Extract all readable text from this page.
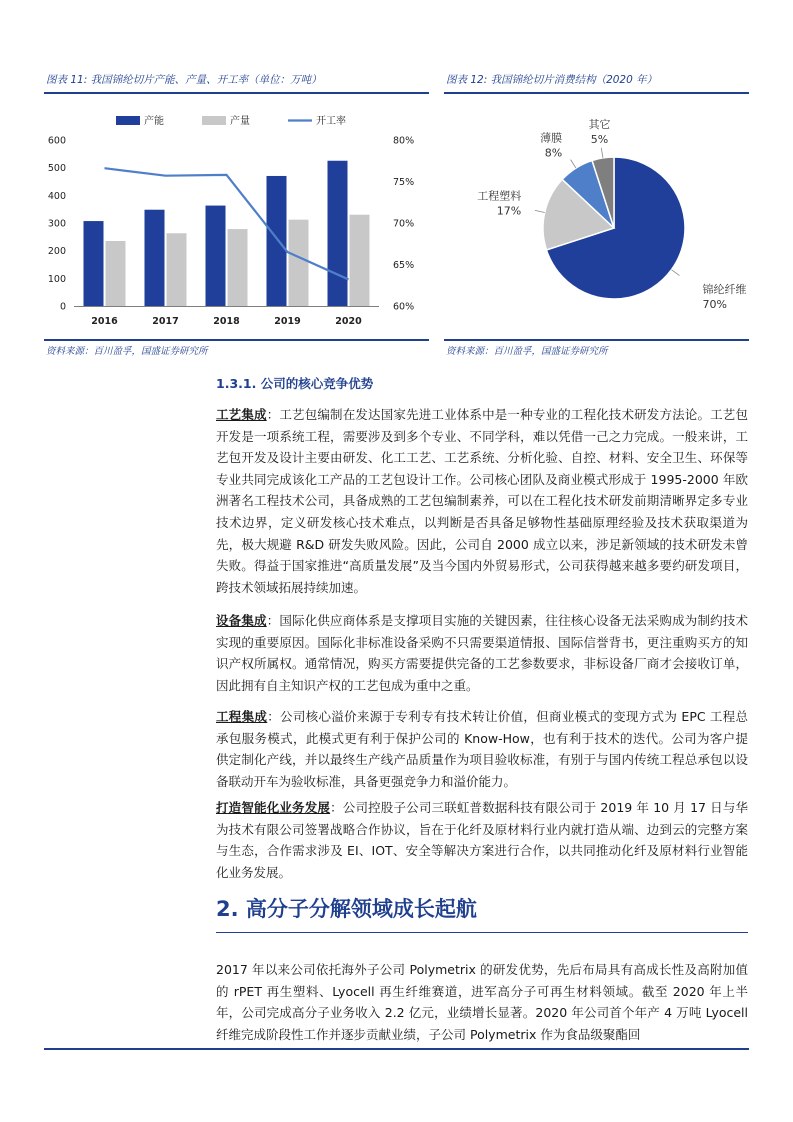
图表 11: 我国锦纶切片产能、产量、开工率（单位：万吨）
产能	产量	开工率
0
100
200
300
400
500
600
60%
65%
70%
75%
80%
2016	2017	2018	2019	2020
资料来源：百川盈孚，国盛证券研究所
图表 12: 我国锦纶切片消费结构（2020 年）
锦纶纤维
70%
工程塑料
17%
薄膜
8%
其它
5%
资料来源：百川盈孚，国盛证券研究所
1.3.1. 公司的核心竞争优势
工艺集成：工艺包编制在发达国家先进工业体系中是一种专业的工程化技术研发方法论。工艺包开发是一项系统工程，需要涉及到多个专业、不同学科，难以凭借一己之力完成。一般来讲，工艺包开发及设计主要由研发、化工工艺、工艺系统、分析化验、自控、材料、安全卫生、环保等专业共同完成该化工产品的工艺包设计工作。公司核心团队及商业模式形成于 1995-2000 年欧洲著名工程技术公司，具备成熟的工艺包编制素养，可以在工程化技术研发前期清晰界定多专业技术边界，定义研发核心技术难点，以判断是否具备足够物性基础原理经验及技术获取渠道为先，极大规避 R&D 研发失败风险。因此，公司自 2000 成立以来，涉足新领域的技术研发未曾失败。得益于国家推进“高质量发展”及当今国内外贸易形式，公司获得越来越多要约研发项目，跨技术领域拓展持续加速。
设备集成：国际化供应商体系是支撑项目实施的关键因素，往往核心设备无法采购成为制约技术实现的重要原因。国际化非标准设备采购不只需要渠道情报、国际信誉背书，更注重购买方的知识产权所属权。通常情况，购买方需要提供完备的工艺参数要求，非标设备厂商才会接收订单，因此拥有自主知识产权的工艺包成为重中之重。
工程集成：公司核心溢价来源于专利专有技术转让价值，但商业模式的变现方式为 EPC 工程总承包服务模式，此模式更有利于保护公司的 Know-How，也有利于技术的迭代。公司为客户提供定制化产线，并以最终生产线产品质量作为项目验收标准，有别于与国内传统工程总承包以设备联动开车为验收标准，具备更强竞争力和溢价能力。
打造智能化业务发展：公司控股子公司三联虹普数据科技有限公司于 2019 年 10 月 17 日与华为技术有限公司签署战略合作协议，旨在于化纤及原材料行业内就打造从端、边到云的完整方案与生态，合作需求涉及 EI、IOT、安全等解决方案进行合作，以共同推动化纤及原材料行业智能化业务发展。
2. 高分子分解领域成长起航
2017 年以来公司依托海外子公司 Polymetrix 的研发优势，先后布局具有高成长性及高附加值的 rPET 再生塑料、Lyocell 再生纤维赛道，进军高分子可再生材料领域。截至 2020 年上半年，公司完成高分子业务收入 2.2 亿元，业绩增长显著。2020 年公司首个年产 4 万吨 Lyocell 纤维完成阶段性工作并逐步贡献业绩，子公司 Polymetrix 作为食品级聚酯回
